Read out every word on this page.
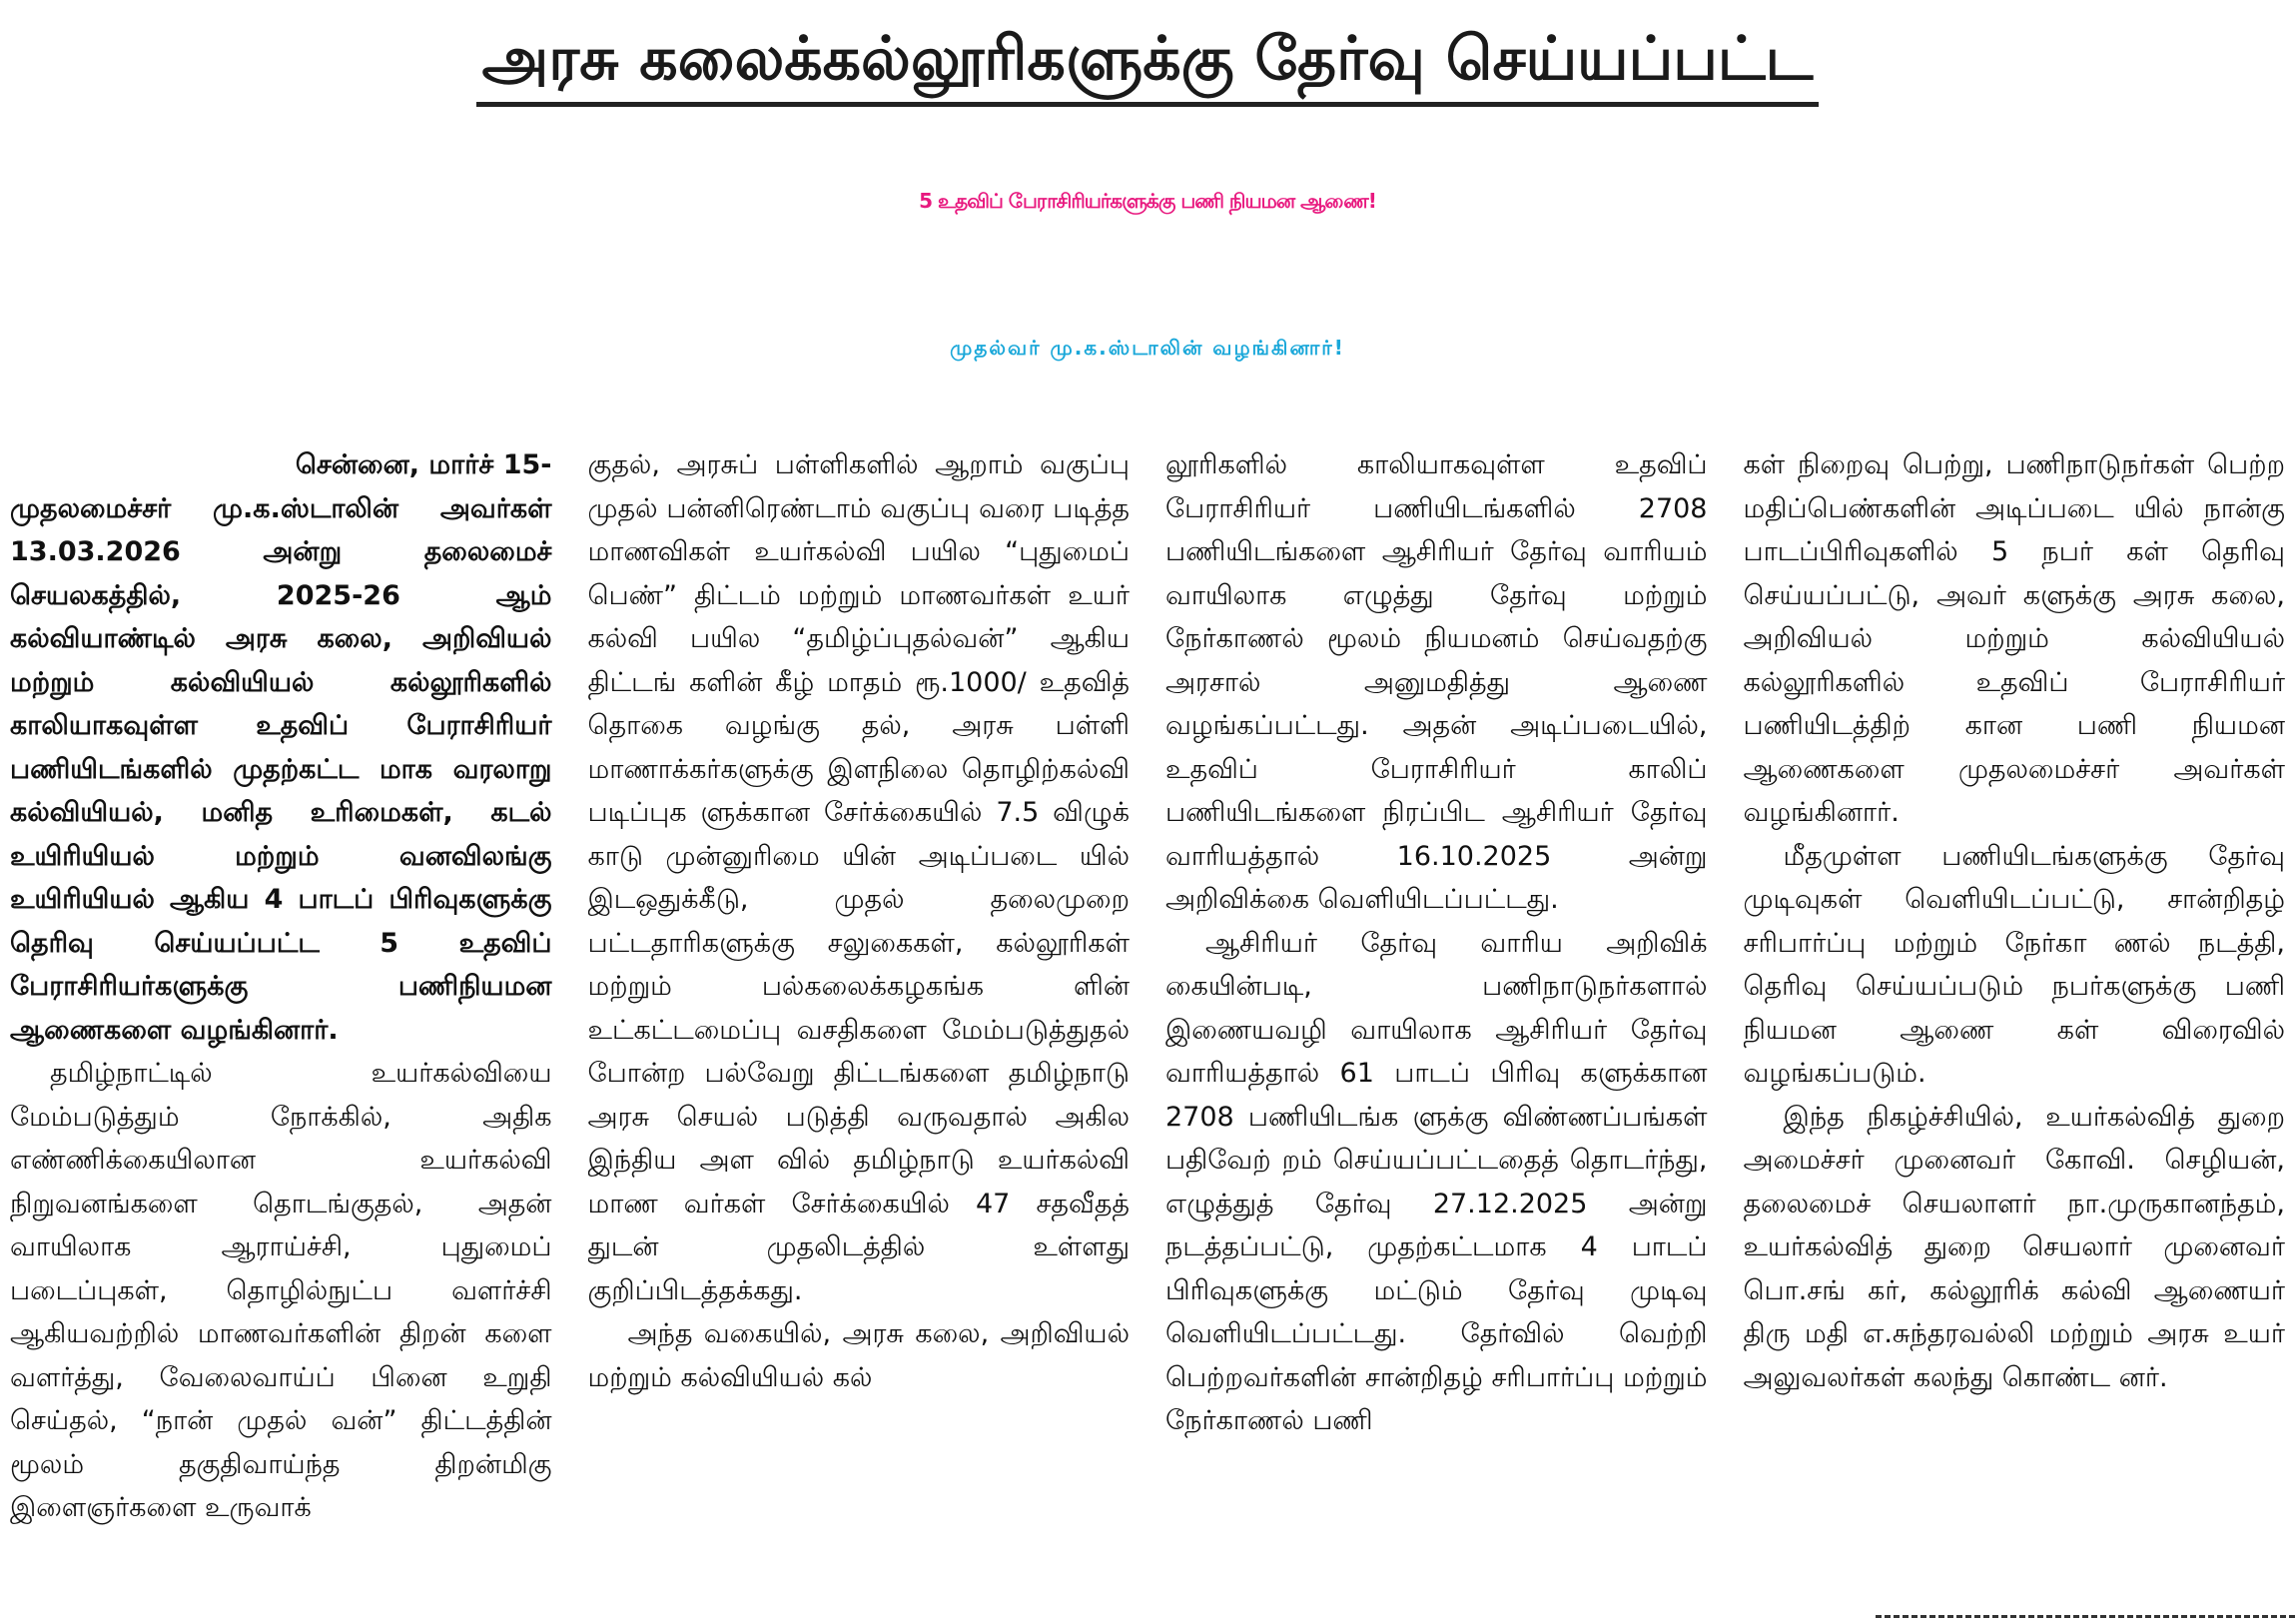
அரசு கலைக்கல்லூரிகளுக்கு தேர்வு செய்யப்பட்ட
5 உதவிப் பேராசிரியர்களுக்கு பணி நியமன ஆணை!
முதல்வர் மு.க.ஸ்டாலின் வழங்கினார்!
சென்னை, மார்ச் 15-

முதலமைச்சர் மு.க.ஸ்டாலின் அவர்கள் 13.03.2026 அன்று தலைமைச் செயலகத்தில், 2025-26 ஆம் கல்வியாண்டில் அரசு கலை, அறிவியல் மற்றும் கல்வியியல் கல்லூரிகளில் காலியாகவுள்ள உதவிப் பேராசிரியர் பணியிடங்களில் முதற்கட்ட மாக வரலாறு கல்வியியல், மனித உரிமைகள், கடல் உயிரியியல் மற்றும் வனவிலங்கு உயிரியியல் ஆகிய 4 பாடப் பிரிவுகளுக்கு தெரிவு செய்யப்பட்ட 5 உதவிப் பேராசிரியர்களுக்கு பணிநியமன ஆணைகளை வழங்கினார்.

தமிழ்நாட்டில் உயர்கல்வியை மேம்படுத்தும் நோக்கில், அதிக எண்ணிக்கையிலான உயர்கல்வி நிறுவனங்களை தொடங்குதல், அதன் வாயிலாக ஆராய்ச்சி, புதுமைப் படைப்புகள், தொழில்நுட்ப வளர்ச்சி ஆகியவற்றில் மாணவர்களின் திறன் களை வளர்த்து, வேலைவாய்ப் பினை உறுதி செய்தல், “நான் முதல் வன்” திட்டத்தின் மூலம் தகுதிவாய்ந்த திறன்மிகு இளைஞர்களை உருவாக்

குதல், அரசுப் பள்ளிகளில் ஆறாம் வகுப்பு முதல் பன்னிரெண்டாம் வகுப்பு வரை படித்த மாணவிகள் உயர்கல்வி பயில “புதுமைப் பெண்” திட்டம் மற்றும் மாணவர்கள் உயர் கல்வி பயில “தமிழ்ப்புதல்வன்” ஆகிய திட்டங் களின் கீழ் மாதம் ரூ.1000/ உதவித் தொகை வழங்கு தல், அரசு பள்ளி மாணாக்கர்களுக்கு இளநிலை தொழிற்கல்வி படிப்புக ளுக்கான சேர்க்கையில் 7.5 விழுக் காடு முன்னுரிமை யின் அடிப்படை யில் இடஒதுக்கீடு, முதல் தலைமுறை பட்டதாரிகளுக்கு சலுகைகள், கல்லூரிகள் மற்றும் பல்கலைக்கழகங்க ளின் உட்கட்டமைப்பு வசதிகளை மேம்படுத்துதல் போன்ற பல்வேறு திட்டங்களை தமிழ்நாடு அரசு செயல் படுத்தி வருவதால் அகில இந்திய அள வில் தமிழ்நாடு உயர்கல்வி மாண வர்கள் சேர்க்கையில் 47 சதவீதத் துடன் முதலிடத்தில் உள்ளது குறிப்பிடத்தக்கது.

அந்த வகையில், அரசு கலை, அறிவியல் மற்றும் கல்வியியல் கல்

லூரிகளில் காலியாகவுள்ள உதவிப் பேராசிரியர் பணியிடங்களில் 2708 பணியிடங்களை ஆசிரியர் தேர்வு வாரியம் வாயிலாக எழுத்து தேர்வு மற்றும் நேர்காணல் மூலம் நியமனம் செய்வதற்கு அரசால் அனுமதித்து ஆணை வழங்கப்பட்டது. அதன் அடிப்படையில், உதவிப் பேராசிரியர் காலிப் பணியிடங்களை நிரப்பிட ஆசிரியர் தேர்வு வாரியத்தால் 16.10.2025 அன்று அறிவிக்கை வெளியிடப்பட்டது.

ஆசிரியர் தேர்வு வாரிய அறிவிக் கையின்படி, பணிநாடுநர்களால் இணையவழி வாயிலாக ஆசிரியர் தேர்வு வாரியத்தால் 61 பாடப் பிரிவு களுக்கான 2708 பணியிடங்க ளுக்கு விண்ணப்பங்கள் பதிவேற் றம் செய்யப்பட்டதைத் தொடர்ந்து, எழுத்துத் தேர்வு 27.12.2025 அன்று நடத்தப்பட்டு, முதற்கட்டமாக 4 பாடப் பிரிவுகளுக்கு மட்டும் தேர்வு முடிவு வெளியிடப்பட்டது. தேர்வில் வெற்றி பெற்றவர்களின் சான்றிதழ் சரிபார்ப்பு மற்றும் நேர்காணல் பணி

கள் நிறைவு பெற்று, பணிநாடுநர்கள் பெற்ற மதிப்பெண்களின் அடிப்படை யில் நான்கு பாடப்பிரிவுகளில் 5 நபர் கள் தெரிவு செய்யப்பட்டு, அவர் களுக்கு அரசு கலை, அறிவியல் மற்றும் கல்வியியல் கல்லூரிகளில் உதவிப் பேராசிரியர் பணியிடத்திற் கான பணி நியமன ஆணைகளை முதலமைச்சர் அவர்கள் வழங்கினார்.

மீதமுள்ள பணியிடங்களுக்கு தேர்வு முடிவுகள் வெளியிடப்பட்டு, சான்றிதழ் சரிபார்ப்பு மற்றும் நேர்கா ணல் நடத்தி, தெரிவு செய்யப்படும் நபர்களுக்கு பணி நியமன ஆணை கள் விரைவில் வழங்கப்படும்.

இந்த நிகழ்ச்சியில், உயர்கல்வித் துறை அமைச்சர் முனைவர் கோவி. செழியன், தலைமைச் செயலாளர் நா.முருகானந்தம், உயர்கல்வித் துறை செயலார் முனைவர் பொ.சங் கர், கல்லூரிக் கல்வி ஆணையர் திரு மதி எ.சுந்தரவல்லி மற்றும் அரசு உயர் அலுவலர்கள் கலந்து கொண்ட னர்.
